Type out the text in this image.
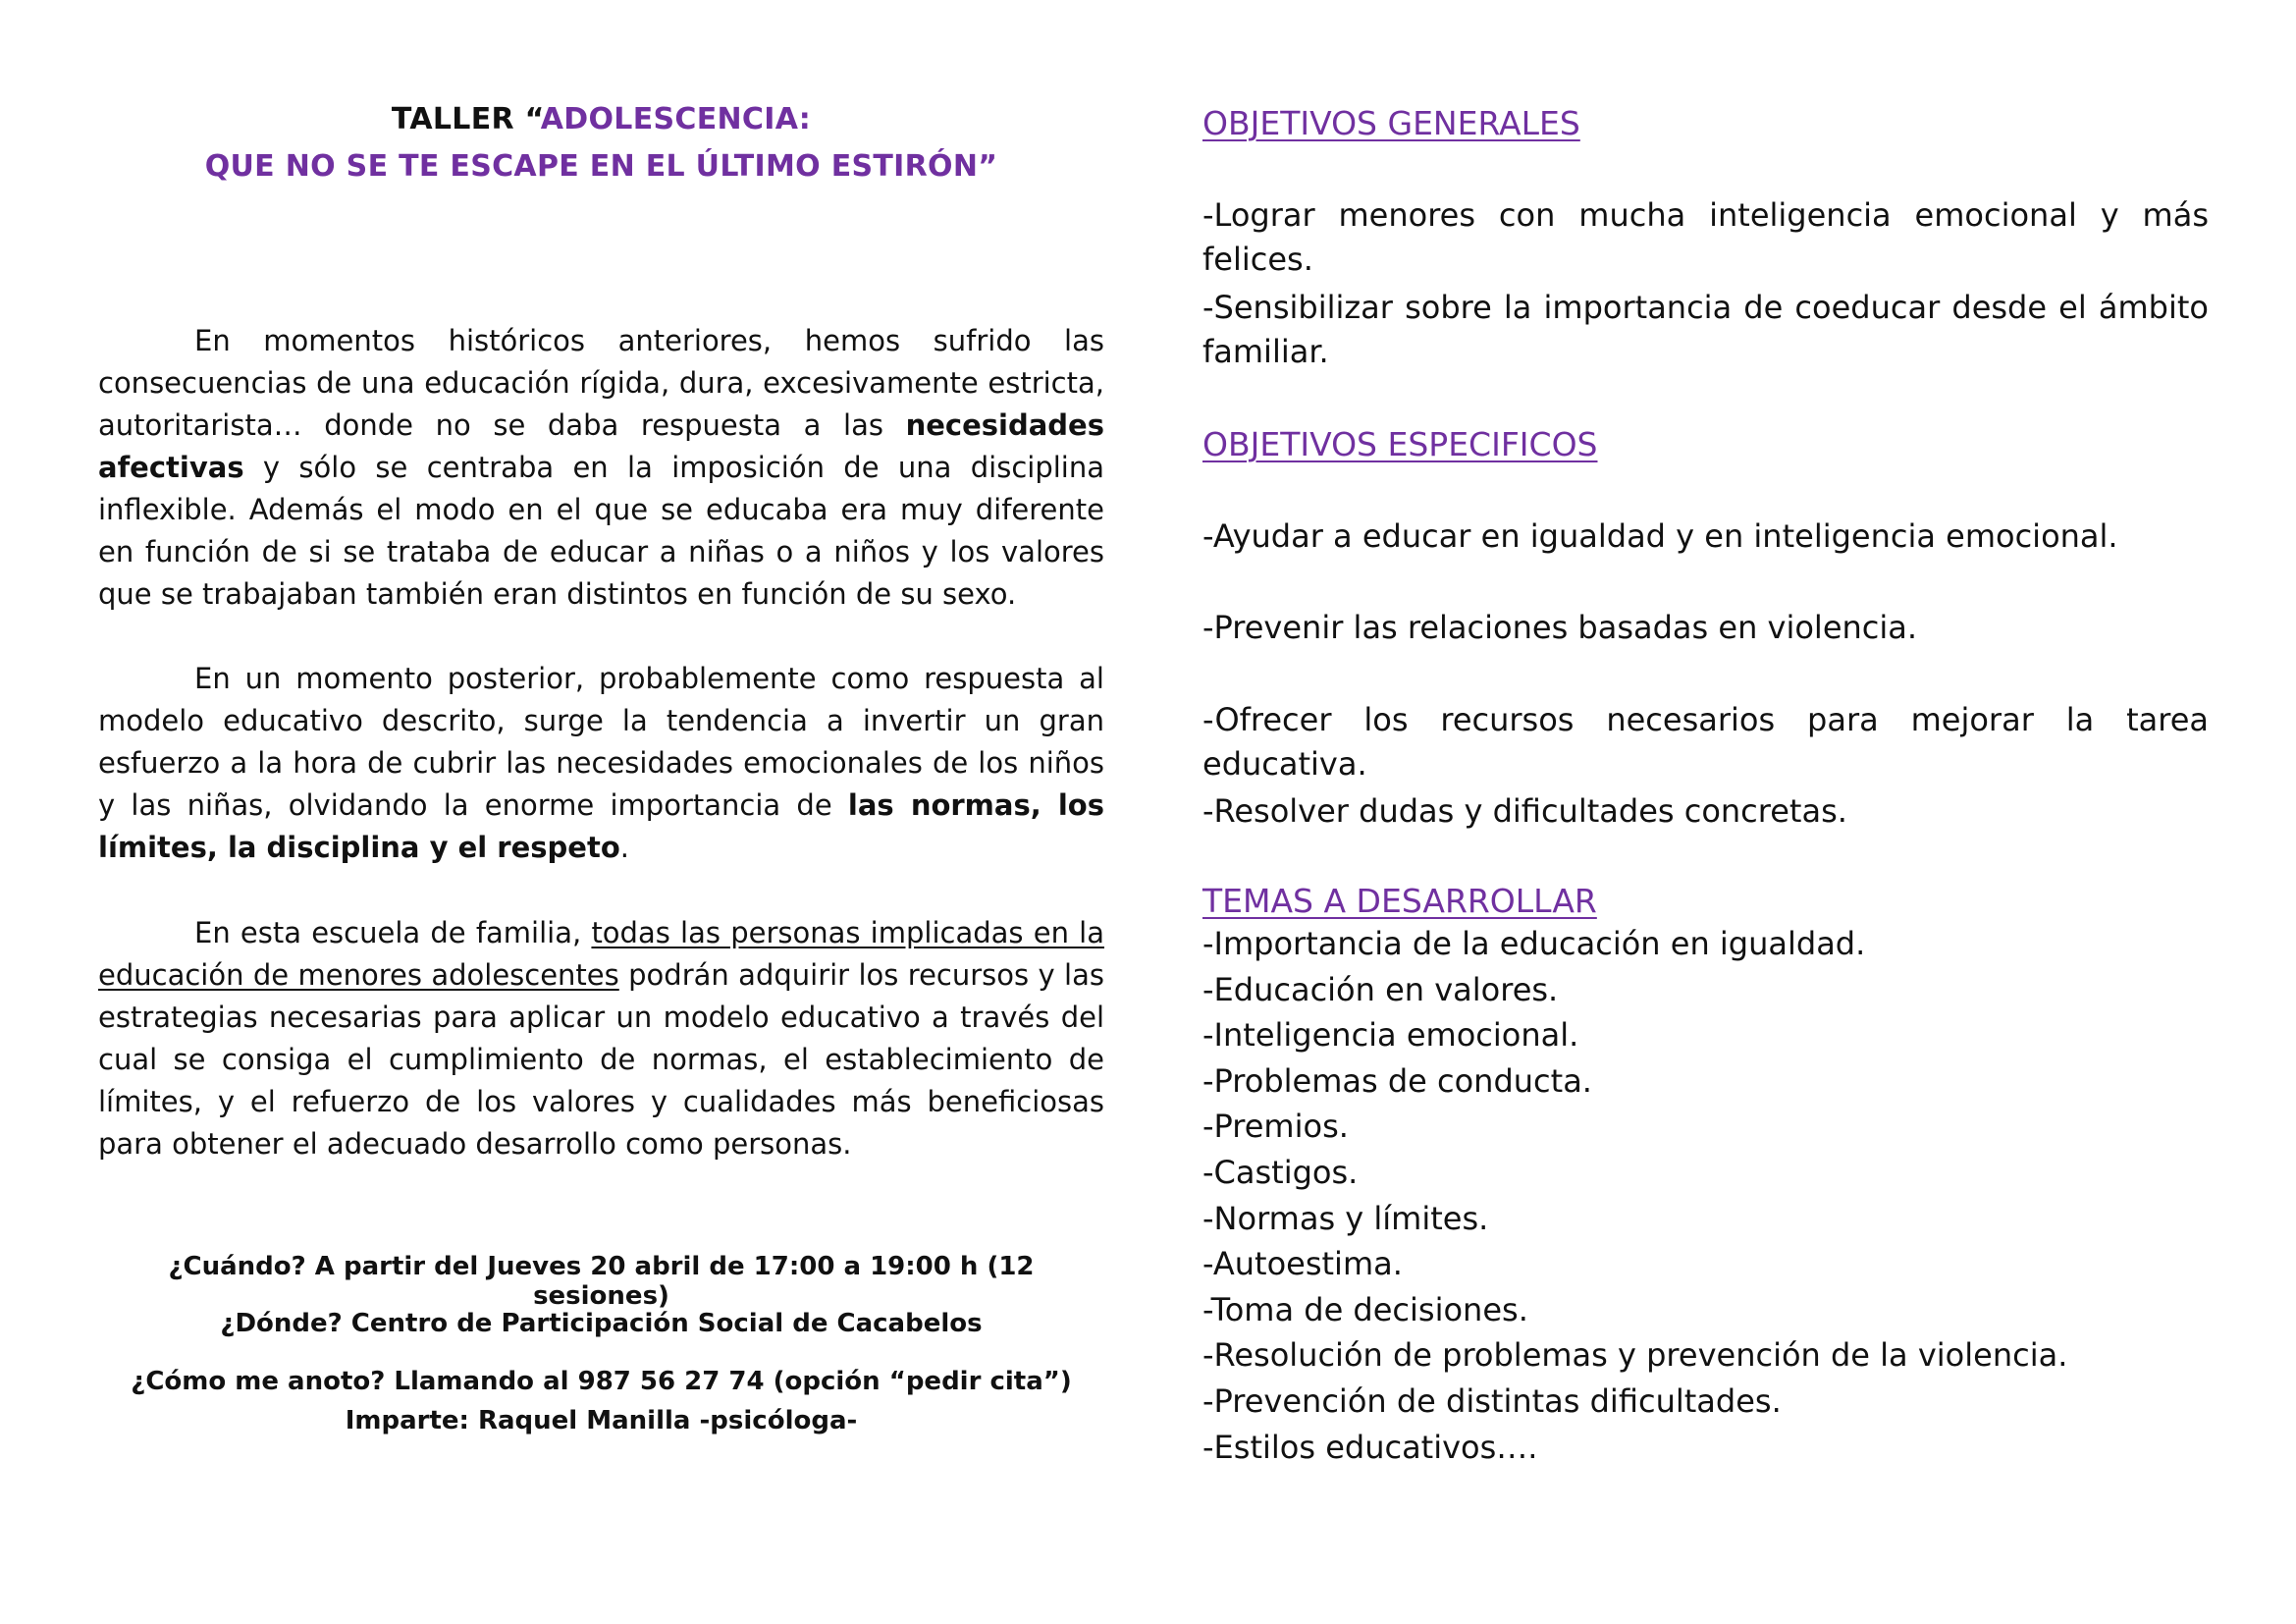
TALLER “ADOLESCENCIA:

QUE NO SE TE ESCAPE EN EL ÚLTIMO ESTIRÓN”

En momentos históricos anteriores, hemos sufrido las consecuencias de una educación rígida, dura, excesivamente estricta, autoritarista… donde no se daba respuesta a las necesidades afectivas y sólo se centraba en la imposición de una disciplina inflexible. Además el modo en el que se educaba era muy diferente en función de si se trataba de educar a niñas o a niños y los valores que se trabajaban también eran distintos en función de su sexo.

En un momento posterior, probablemente como respuesta al modelo educativo descrito, surge la tendencia a invertir un gran esfuerzo a la hora de cubrir las necesidades emocionales de los niños y las niñas, olvidando la enorme importancia de las normas, los límites, la disciplina y el respeto.

En esta escuela de familia, todas las personas implicadas en la educación de menores adolescentes podrán adquirir los recursos y las estrategias necesarias para aplicar un modelo educativo a través del cual se consiga el cumplimiento de normas, el establecimiento de límites, y el refuerzo de los valores y cualidades más beneficiosas para obtener el adecuado desarrollo como personas.

¿Cuándo? A partir del Jueves 20 abril de 17:00 a 19:00 h (12 sesiones)

¿Dónde? Centro de Participación Social de Cacabelos

¿Cómo me anoto? Llamando al 987 56 27 74 (opción “pedir cita”)

Imparte: Raquel Manilla -psicóloga-

OBJETIVOS GENERALES

-Lograr menores con mucha inteligencia emocional y más felices.

-Sensibilizar sobre la importancia de coeducar desde el ámbito familiar.

OBJETIVOS ESPECIFICOS

-Ayudar a educar en igualdad y en inteligencia emocional.

-Prevenir las relaciones basadas en violencia.

-Ofrecer los recursos necesarios para mejorar la tarea educativa.

-Resolver dudas y dificultades concretas.

TEMAS A DESARROLLAR

-Importancia de la educación en igualdad.
-Educación en valores.
-Inteligencia emocional.
-Problemas de conducta.
-Premios.
-Castigos.
-Normas y límites.
-Autoestima.
-Toma de decisiones.
-Resolución de problemas y prevención de la violencia.
-Prevención de distintas dificultades.
-Estilos educativos….
